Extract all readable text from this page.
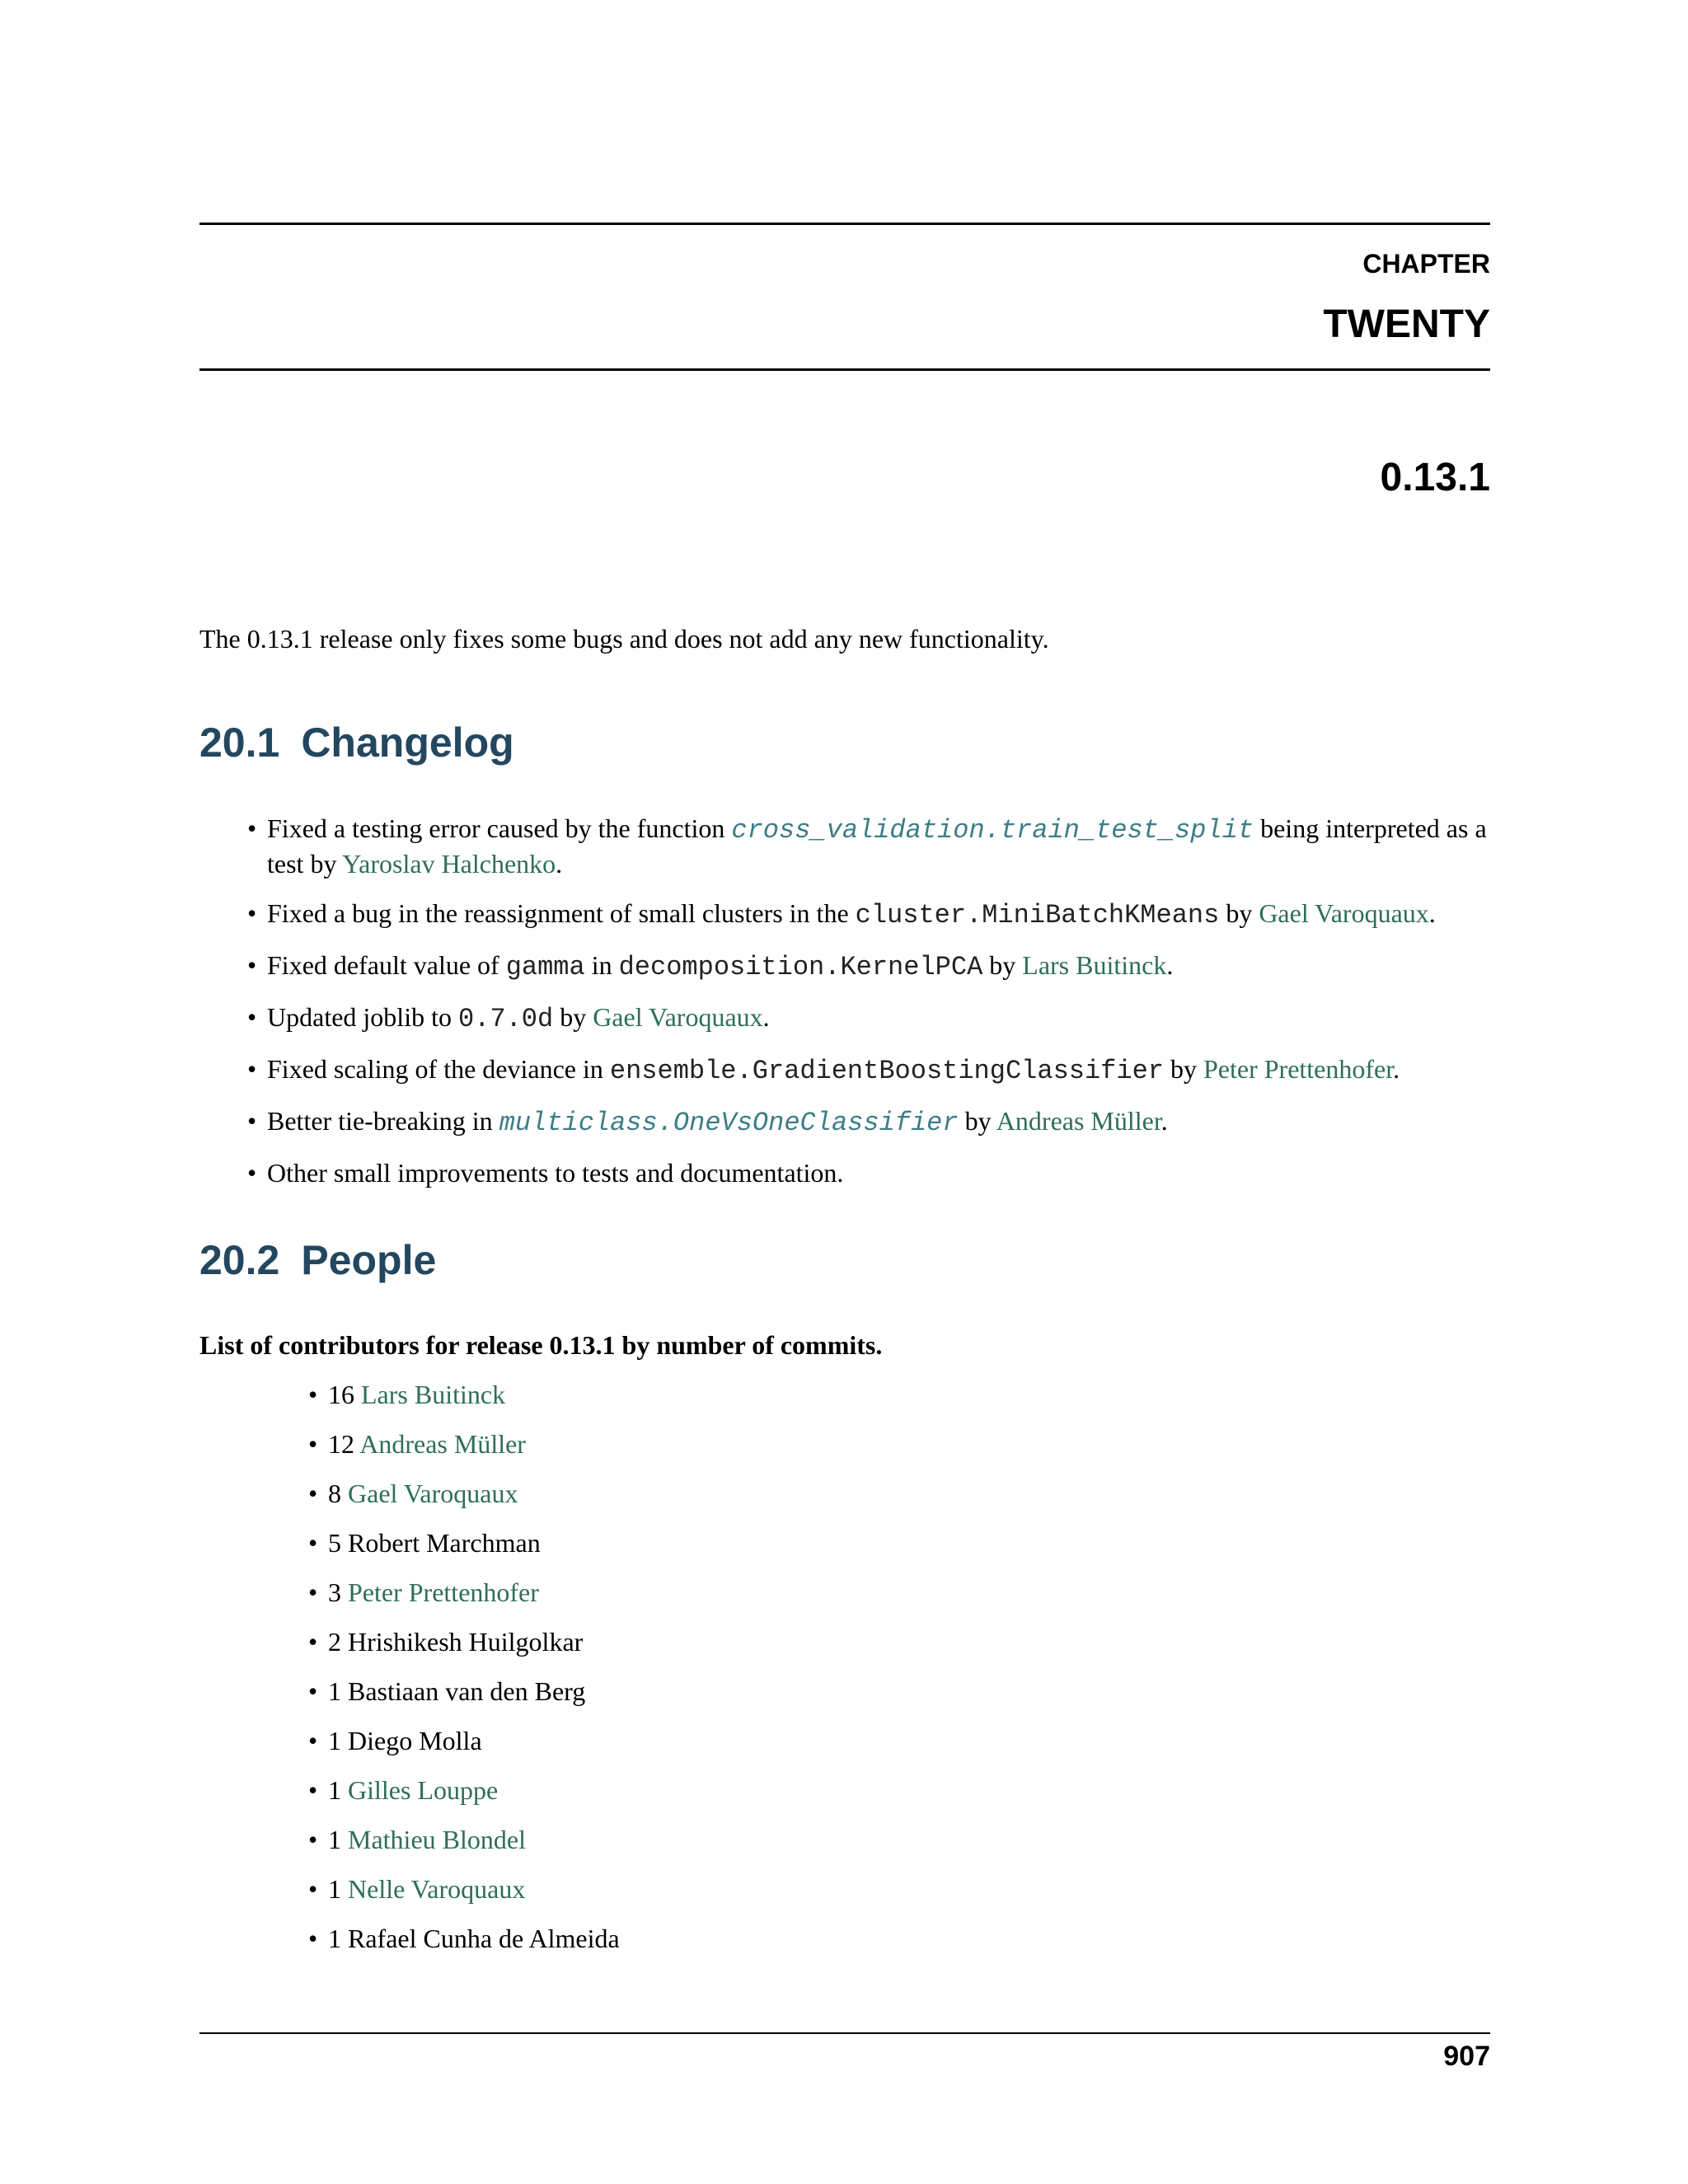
CHAPTER
TWENTY
0.13.1
The 0.13.1 release only fixes some bugs and does not add any new functionality.
20.1 Changelog
• Fixed a testing error caused by the function cross_validation.train_test_split being interpreted as a test by Yaroslav Halchenko.
• Fixed a bug in the reassignment of small clusters in the cluster.MiniBatchKMeans by Gael Varoquaux.
• Fixed default value of gamma in decomposition.KernelPCA by Lars Buitinck.
• Updated joblib to 0.7.0d by Gael Varoquaux.
• Fixed scaling of the deviance in ensemble.GradientBoostingClassifier by Peter Prettenhofer.
• Better tie-breaking in multiclass.OneVsOneClassifier by Andreas Müller.
• Other small improvements to tests and documentation.
20.2 People
List of contributors for release 0.13.1 by number of commits.
• 16 Lars Buitinck
• 12 Andreas Müller
• 8 Gael Varoquaux
• 5 Robert Marchman
• 3 Peter Prettenhofer
• 2 Hrishikesh Huilgolkar
• 1 Bastiaan van den Berg
• 1 Diego Molla
• 1 Gilles Louppe
• 1 Mathieu Blondel
• 1 Nelle Varoquaux
• 1 Rafael Cunha de Almeida
907
